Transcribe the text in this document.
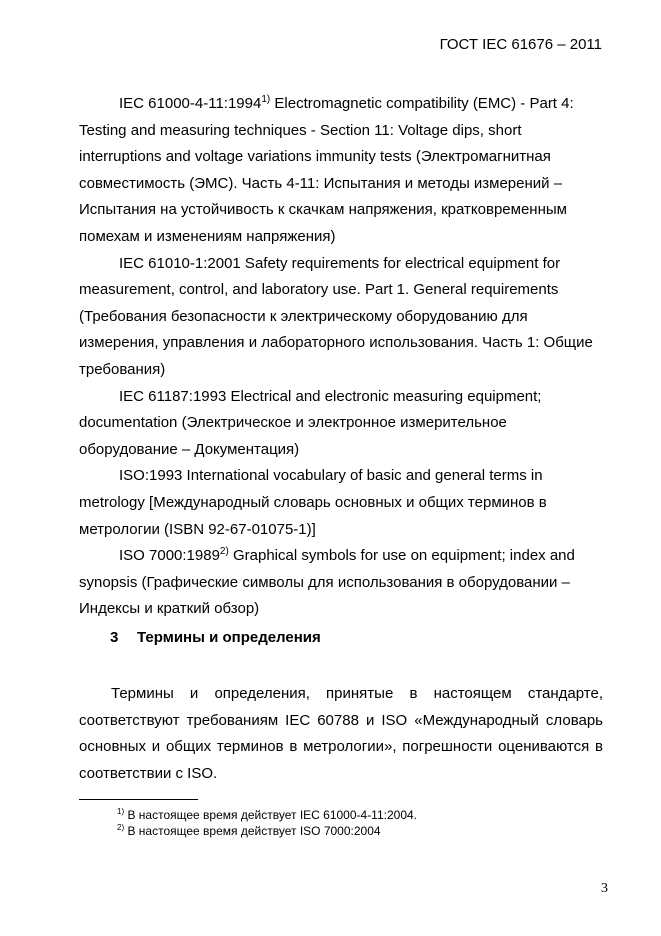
ГОСТ IEC 61676 – 2011

IEC 61000-4-11:1994$^{1)}$ Electromagnetic compatibility (EMC) - Part 4: Testing and measuring techniques - Section 11: Voltage dips, short interruptions and voltage variations immunity tests (Электромагнитная совместимость (ЭМС). Часть 4-11: Испытания и методы измерений – Испытания на устойчивость к скачкам напряжения, кратковременным помехам и изменениям напряжения)

IEC 61010-1:2001 Safety requirements for electrical equipment for measurement, control, and laboratory use. Part 1. General requirements (Требования безопасности к электрическому оборудованию для измерения, управления и лабораторного использования. Часть 1: Общие требования)

IEC 61187:1993 Electrical and electronic measuring equipment; documentation (Электрическое и электронное измерительное оборудование – Документация)

ISO:1993 International vocabulary of basic and general terms in metrology [Международный словарь основных и общих терминов в метрологии (ISBN 92-67-01075-1)]

ISO 7000:1989$^{2)}$ Graphical symbols for use on equipment; index and synopsis (Графические символы для использования в оборудовании – Индексы и краткий обзор)

3 Термины и определения

Термины и определения, принятые в настоящем стандарте, соответствуют требованиям IEC 60788 и ISO «Международный словарь основных и общих терминов в метрологии», погрешности оцениваются в соответствии с ISO.

$^{1)}$ В настоящее время действует IEC 61000-4-11:2004.
$^{2)}$ В настоящее время действует ISO 7000:2004
3
